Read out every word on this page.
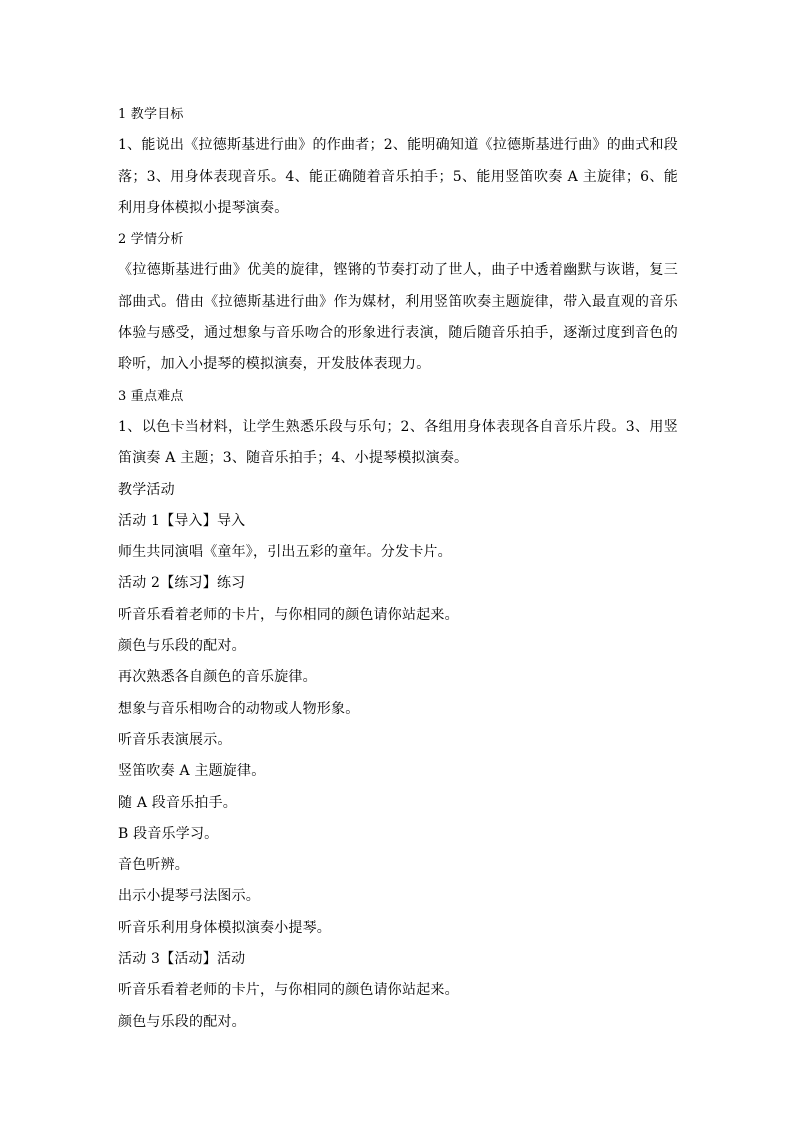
1 教学目标
1、能说出《拉德斯基进行曲》的作曲者；2、能明确知道《拉德斯基进行曲》的曲式和段落；3、用身体表现音乐。4、能正确随着音乐拍手；5、能用竖笛吹奏 A 主旋律；6、能利用身体模拟小提琴演奏。
2 学情分析
《拉德斯基进行曲》优美的旋律，铿锵的节奏打动了世人，曲子中透着幽默与诙谐，复三部曲式。借由《拉德斯基进行曲》作为媒材，利用竖笛吹奏主题旋律，带入最直观的音乐体验与感受，通过想象与音乐吻合的形象进行表演，随后随音乐拍手，逐渐过度到音色的聆听，加入小提琴的模拟演奏，开发肢体表现力。
3 重点难点
1、以色卡当材料，让学生熟悉乐段与乐句；2、各组用身体表现各自音乐片段。3、用竖笛演奏 A 主题；3、随音乐拍手；4、小提琴模拟演奏。
教学活动
活动 1【导入】导入
师生共同演唱《童年》，引出五彩的童年。分发卡片。
活动 2【练习】练习
听音乐看着老师的卡片，与你相同的颜色请你站起来。
颜色与乐段的配对。
再次熟悉各自颜色的音乐旋律。
想象与音乐相吻合的动物或人物形象。
听音乐表演展示。
竖笛吹奏 A 主题旋律。
随 A 段音乐拍手。
B 段音乐学习。
音色听辨。
出示小提琴弓法图示。
听音乐利用身体模拟演奏小提琴。
活动 3【活动】活动
听音乐看着老师的卡片，与你相同的颜色请你站起来。
颜色与乐段的配对。
